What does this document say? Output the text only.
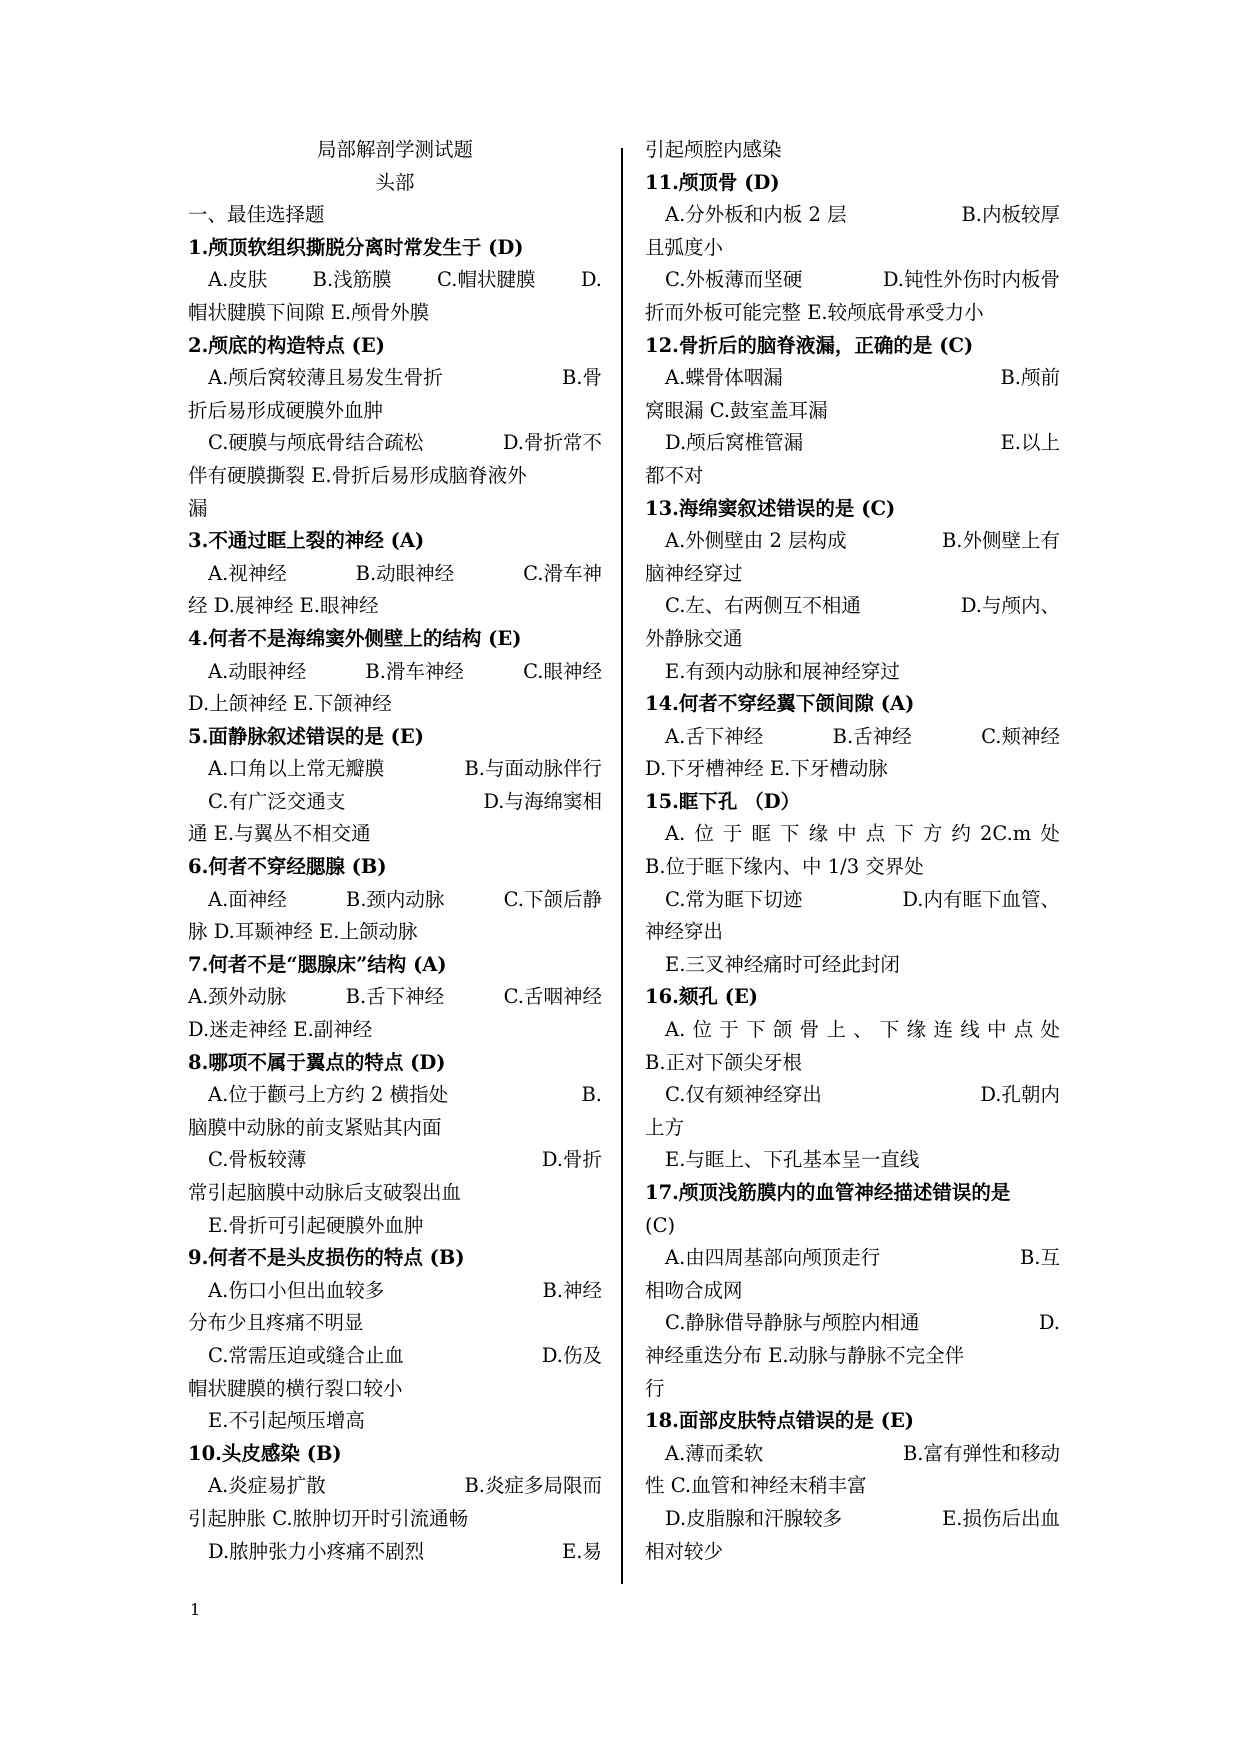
局部解剖学测试题
头部
一、最佳选择题
1.颅顶软组织撕脱分离时常发生于 (D)
A.皮肤 B.浅筋膜 C.帽状腱膜 D.
帽状腱膜下间隙 E.颅骨外膜
2.颅底的构造特点 (E)
A.颅后窝较薄且易发生骨折	B.骨
折后易形成硬膜外血肿
C.硬膜与颅底骨结合疏松	D.骨折常不
伴有硬膜撕裂 E.骨折后易形成脑脊液外
漏
3.不通过眶上裂的神经 (A)
A.视神经	B.动眼神经	C.滑车神
经 D.展神经 E.眼神经
4.何者不是海绵窦外侧壁上的结构 (E)
A.动眼神经	B.滑车神经	C.眼神经
D.上颌神经 E.下颌神经
5.面静脉叙述错误的是 (E)
A.口角以上常无瓣膜	B.与面动脉伴行
C.有广泛交通支	D.与海绵窦相
通 E.与翼丛不相交通
6.何者不穿经腮腺 (B)
A.面神经	B.颈内动脉	C.下颌后静
脉 D.耳颞神经 E.上颌动脉
7.何者不是“腮腺床”结构 (A)
A.颈外动脉	B.舌下神经	C.舌咽神经
D.迷走神经 E.副神经
8.哪项不属于翼点的特点 (D)
A.位于颧弓上方约 2 横指处	B.
脑膜中动脉的前支紧贴其内面
C.骨板较薄	D.骨折
常引起脑膜中动脉后支破裂出血
E.骨折可引起硬膜外血肿
9.何者不是头皮损伤的特点 (B)
A.伤口小但出血较多	B.神经
分布少且疼痛不明显
C.常需压迫或缝合止血	D.伤及
帽状腱膜的横行裂口较小
E.不引起颅压增高
10.头皮感染 (B)
A.炎症易扩散	B.炎症多局限而
引起肿胀 C.脓肿切开时引流通畅
D.脓肿张力小疼痛不剧烈	E.易
引起颅腔内感染
11.颅顶骨 (D)
A.分外板和内板 2 层	B.内板较厚
且弧度小
C.外板薄而坚硬	D.钝性外伤时内板骨
折而外板可能完整 E.较颅底骨承受力小
12.骨折后的脑脊液漏，正确的是 (C)
A.蝶骨体咽漏	B.颅前
窝眼漏 C.鼓室盖耳漏
D.颅后窝椎管漏	E.以上
都不对
13.海绵窦叙述错误的是 (C)
A.外侧壁由 2 层构成	B.外侧壁上有
脑神经穿过
C.左、右两侧互不相通	D.与颅内、
外静脉交通
E.有颈内动脉和展神经穿过
14.何者不穿经翼下颌间隙 (A)
A.舌下神经	B.舌神经	C.颊神经
D.下牙槽神经 E.下牙槽动脉
15.眶下孔 （D）
A. 位 于 眶 下 缘 中 点 下 方 约 2C.m 处
B.位于眶下缘内、中 1/3 交界处
C.常为眶下切迹	D.内有眶下血管、
神经穿出
E.三叉神经痛时可经此封闭
16.颏孔 (E)
A. 位 于 下 颌 骨 上 、 下 缘 连 线 中 点 处
B.正对下颌尖牙根
C.仅有颏神经穿出	D.孔朝内
上方
E.与眶上、下孔基本呈一直线
17.颅顶浅筋膜内的血管神经描述错误的是
(C)
A.由四周基部向颅顶走行	B.互
相吻合成网
C.静脉借导静脉与颅腔内相通	D.
神经重迭分布 E.动脉与静脉不完全伴
行
18.面部皮肤特点错误的是 (E)
A.薄而柔软	B.富有弹性和移动
性 C.血管和神经末稍丰富
D.皮脂腺和汗腺较多	E.损伤后出血
相对较少
1
